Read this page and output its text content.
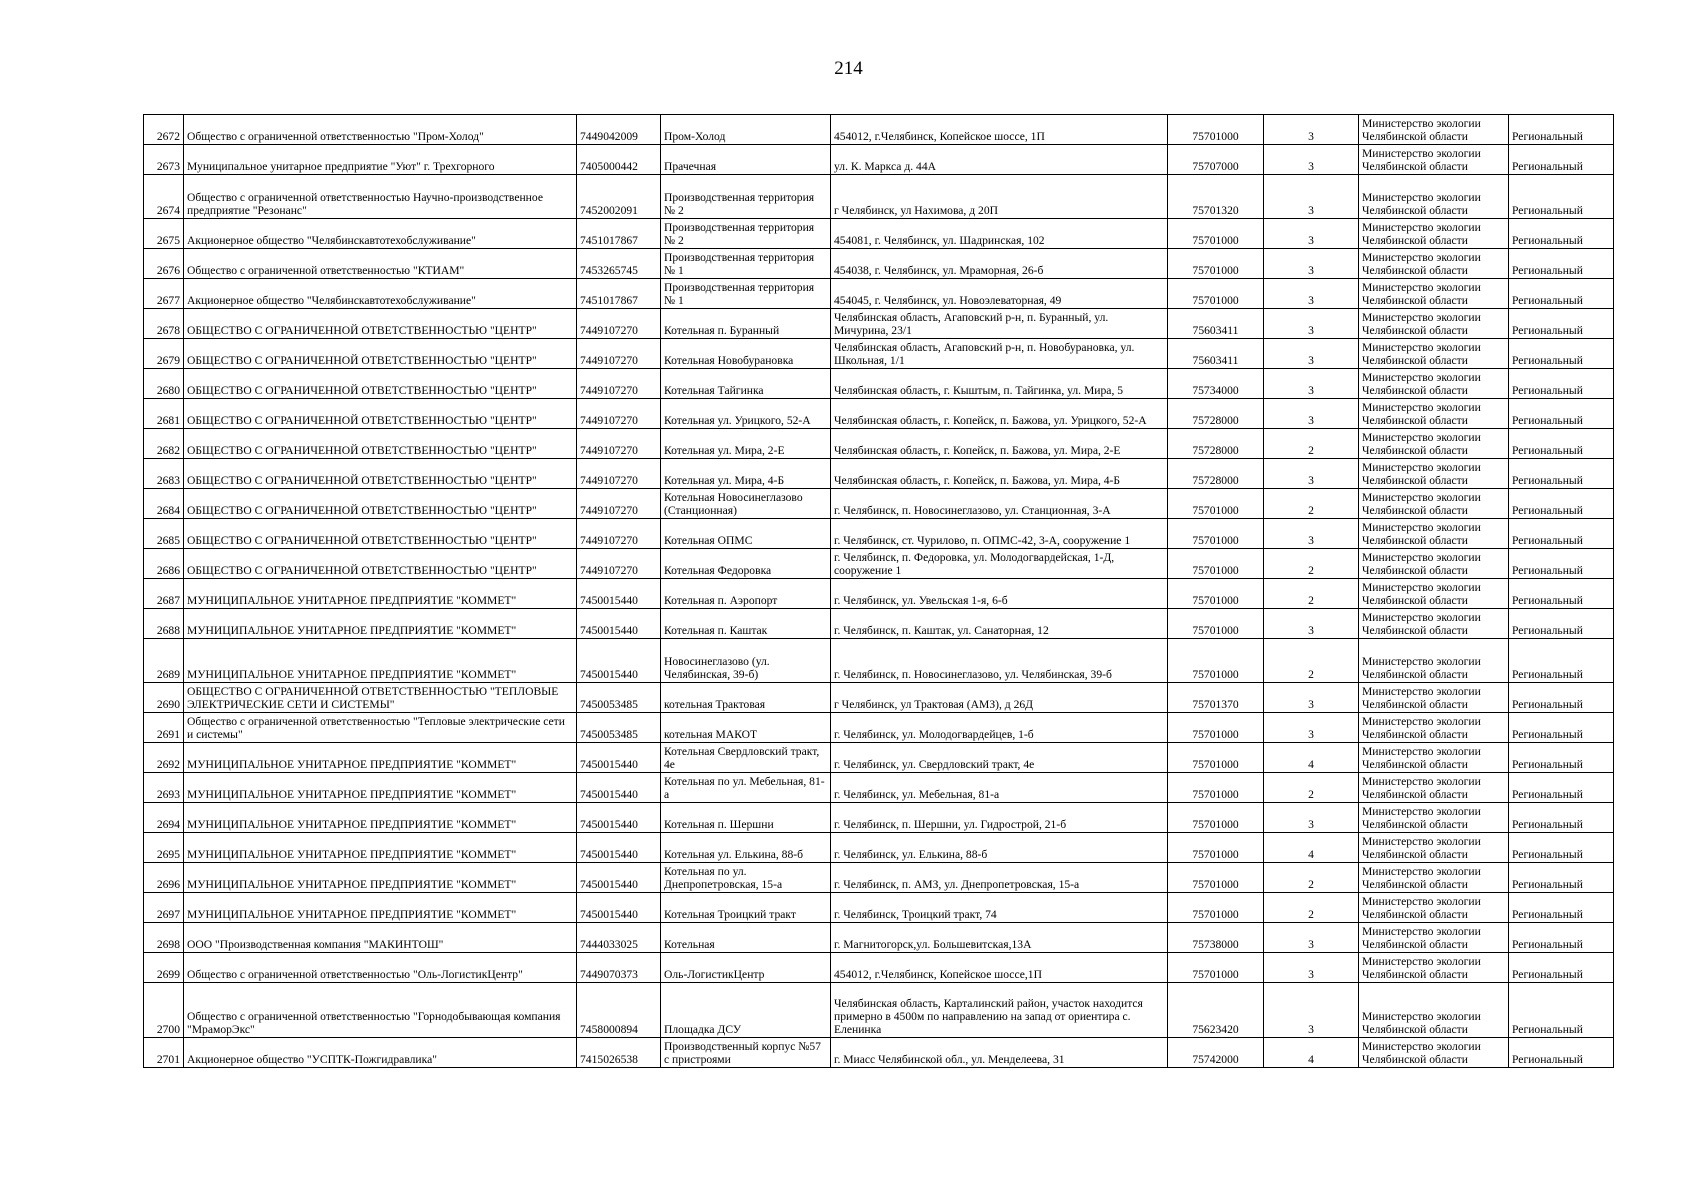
214
2672	Общество с ограниченной ответственностью "Пром-Холод"	7449042009	Пром-Холод	454012, г.Челябинск, Копейское шоссе, 1П	75701000	3	Министерство экологии Челябинской области	Региональный
2673	Муниципальное унитарное предприятие "Уют" г. Трехгорного	7405000442	Прачечная	ул. К. Маркса д. 44А	75707000	3	Министерство экологии Челябинской области	Региональный
2674	Общество с ограниченной ответственностью Научно-производственное предприятие "Резонанс"	7452002091	Производственная территория № 2	г Челябинск, ул Нахимова, д 20П	75701320	3	Министерство экологии Челябинской области	Региональный
2675	Акционерное общество "Челябинскавтотехобслуживание"	7451017867	Производственная территория № 2	454081, г. Челябинск, ул. Шадринская, 102	75701000	3	Министерство экологии Челябинской области	Региональный
2676	Общество с ограниченной ответственностью "КТИАМ"	7453265745	Производственная территория № 1	454038, г. Челябинск, ул. Мраморная, 26-б	75701000	3	Министерство экологии Челябинской области	Региональный
2677	Акционерное общество "Челябинскавтотехобслуживание"	7451017867	Производственная территория № 1	454045, г. Челябинск, ул. Новоэлеваторная, 49	75701000	3	Министерство экологии Челябинской области	Региональный
2678	ОБЩЕСТВО С ОГРАНИЧЕННОЙ ОТВЕТСТВЕННОСТЬЮ "ЦЕНТР"	7449107270	Котельная п. Буранный	Челябинская область, Агаповский р-н, п. Буранный, ул. Мичурина, 23/1	75603411	3	Министерство экологии Челябинской области	Региональный
2679	ОБЩЕСТВО С ОГРАНИЧЕННОЙ ОТВЕТСТВЕННОСТЬЮ "ЦЕНТР"	7449107270	Котельная Новобурановка	Челябинская область, Агаповский р-н, п. Новобурановка, ул. Школьная, 1/1	75603411	3	Министерство экологии Челябинской области	Региональный
2680	ОБЩЕСТВО С ОГРАНИЧЕННОЙ ОТВЕТСТВЕННОСТЬЮ "ЦЕНТР"	7449107270	Котельная Тайгинка	Челябинская область, г. Кыштым, п. Тайгинка, ул. Мира, 5	75734000	3	Министерство экологии Челябинской области	Региональный
2681	ОБЩЕСТВО С ОГРАНИЧЕННОЙ ОТВЕТСТВЕННОСТЬЮ "ЦЕНТР"	7449107270	Котельная ул. Урицкого, 52-А	Челябинская область, г. Копейск, п. Бажова, ул. Урицкого, 52-А	75728000	3	Министерство экологии Челябинской области	Региональный
2682	ОБЩЕСТВО С ОГРАНИЧЕННОЙ ОТВЕТСТВЕННОСТЬЮ "ЦЕНТР"	7449107270	Котельная ул. Мира, 2-Е	Челябинская область, г. Копейск, п. Бажова, ул. Мира, 2-Е	75728000	2	Министерство экологии Челябинской области	Региональный
2683	ОБЩЕСТВО С ОГРАНИЧЕННОЙ ОТВЕТСТВЕННОСТЬЮ "ЦЕНТР"	7449107270	Котельная ул. Мира, 4-Б	Челябинская область, г. Копейск, п. Бажова, ул. Мира, 4-Б	75728000	3	Министерство экологии Челябинской области	Региональный
2684	ОБЩЕСТВО С ОГРАНИЧЕННОЙ ОТВЕТСТВЕННОСТЬЮ "ЦЕНТР"	7449107270	Котельная Новосинеглазово (Станционная)	г. Челябинск, п. Новосинеглазово, ул. Станционная, 3-А	75701000	2	Министерство экологии Челябинской области	Региональный
2685	ОБЩЕСТВО С ОГРАНИЧЕННОЙ ОТВЕТСТВЕННОСТЬЮ "ЦЕНТР"	7449107270	Котельная ОПМС	г. Челябинск, ст. Чурилово, п. ОПМС-42, 3-А, сооружение 1	75701000	3	Министерство экологии Челябинской области	Региональный
2686	ОБЩЕСТВО С ОГРАНИЧЕННОЙ ОТВЕТСТВЕННОСТЬЮ "ЦЕНТР"	7449107270	Котельная Федоровка	г. Челябинск, п. Федоровка, ул. Молодогвардейская, 1-Д, сооружение 1	75701000	2	Министерство экологии Челябинской области	Региональный
2687	МУНИЦИПАЛЬНОЕ УНИТАРНОЕ ПРЕДПРИЯТИЕ "КОММЕТ"	7450015440	Котельная п. Аэропорт	г. Челябинск, ул. Увельская 1-я, 6-б	75701000	2	Министерство экологии Челябинской области	Региональный
2688	МУНИЦИПАЛЬНОЕ УНИТАРНОЕ ПРЕДПРИЯТИЕ "КОММЕТ"	7450015440	Котельная п. Каштак	г. Челябинск, п. Каштак, ул. Санаторная, 12	75701000	3	Министерство экологии Челябинской области	Региональный
2689	МУНИЦИПАЛЬНОЕ УНИТАРНОЕ ПРЕДПРИЯТИЕ "КОММЕТ"	7450015440	Новосинеглазово (ул. Челябинская, 39-б)	г. Челябинск, п. Новосинеглазово, ул. Челябинская, 39-б	75701000	2	Министерство экологии Челябинской области	Региональный
2690	ОБЩЕСТВО С ОГРАНИЧЕННОЙ ОТВЕТСТВЕННОСТЬЮ "ТЕПЛОВЫЕ ЭЛЕКТРИЧЕСКИЕ СЕТИ И СИСТЕМЫ"	7450053485	котельная Трактовая	г Челябинск, ул Трактовая (АМЗ), д 26Д	75701370	3	Министерство экологии Челябинской области	Региональный
2691	Общество с ограниченной ответственностью "Тепловые электрические сети и системы"	7450053485	котельная МАКОТ	г. Челябинск, ул. Молодогвардейцев, 1-б	75701000	3	Министерство экологии Челябинской области	Региональный
2692	МУНИЦИПАЛЬНОЕ УНИТАРНОЕ ПРЕДПРИЯТИЕ "КОММЕТ"	7450015440	Котельная Свердловский тракт, 4е	г. Челябинск, ул. Свердловский тракт, 4е	75701000	4	Министерство экологии Челябинской области	Региональный
2693	МУНИЦИПАЛЬНОЕ УНИТАРНОЕ ПРЕДПРИЯТИЕ "КОММЕТ"	7450015440	Котельная по ул. Мебельная, 81-а	г. Челябинск, ул. Мебельная, 81-а	75701000	2	Министерство экологии Челябинской области	Региональный
2694	МУНИЦИПАЛЬНОЕ УНИТАРНОЕ ПРЕДПРИЯТИЕ "КОММЕТ"	7450015440	Котельная п. Шершни	г. Челябинск, п. Шершни, ул. Гидрострой, 21-б	75701000	3	Министерство экологии Челябинской области	Региональный
2695	МУНИЦИПАЛЬНОЕ УНИТАРНОЕ ПРЕДПРИЯТИЕ "КОММЕТ"	7450015440	Котельная ул. Елькина, 88-б	г. Челябинск, ул. Елькина, 88-б	75701000	4	Министерство экологии Челябинской области	Региональный
2696	МУНИЦИПАЛЬНОЕ УНИТАРНОЕ ПРЕДПРИЯТИЕ "КОММЕТ"	7450015440	Котельная по ул. Днепропетровская, 15-а	г. Челябинск, п. АМЗ, ул. Днепропетровская, 15-а	75701000	2	Министерство экологии Челябинской области	Региональный
2697	МУНИЦИПАЛЬНОЕ УНИТАРНОЕ ПРЕДПРИЯТИЕ "КОММЕТ"	7450015440	Котельная Троицкий тракт	г. Челябинск, Троицкий тракт, 74	75701000	2	Министерство экологии Челябинской области	Региональный
2698	ООО "Производственная компания "МАКИНТОШ"	7444033025	Котельная	г. Магнитогорск,ул. Большевитская,13А	75738000	3	Министерство экологии Челябинской области	Региональный
2699	Общество с ограниченной ответственностью "Оль-ЛогистикЦентр"	7449070373	Оль-ЛогистикЦентр	454012, г.Челябинск, Копейское шоссе,1П	75701000	3	Министерство экологии Челябинской области	Региональный
2700	Общество с ограниченной ответственностью "Горнодобывающая компания "МраморЭкс"	7458000894	Площадка ДСУ	Челябинская область, Карталинский район, участок находится примерно в 4500м по направлению на запад от ориентира с. Еленинка	75623420	3	Министерство экологии Челябинской области	Региональный
2701	Акционерное общество "УСПТК-Пожгидравлика"	7415026538	Производственный корпус №57 с пристроями	г. Миасс Челябинской обл., ул. Менделеева, 31	75742000	4	Министерство экологии Челябинской области	Региональный
